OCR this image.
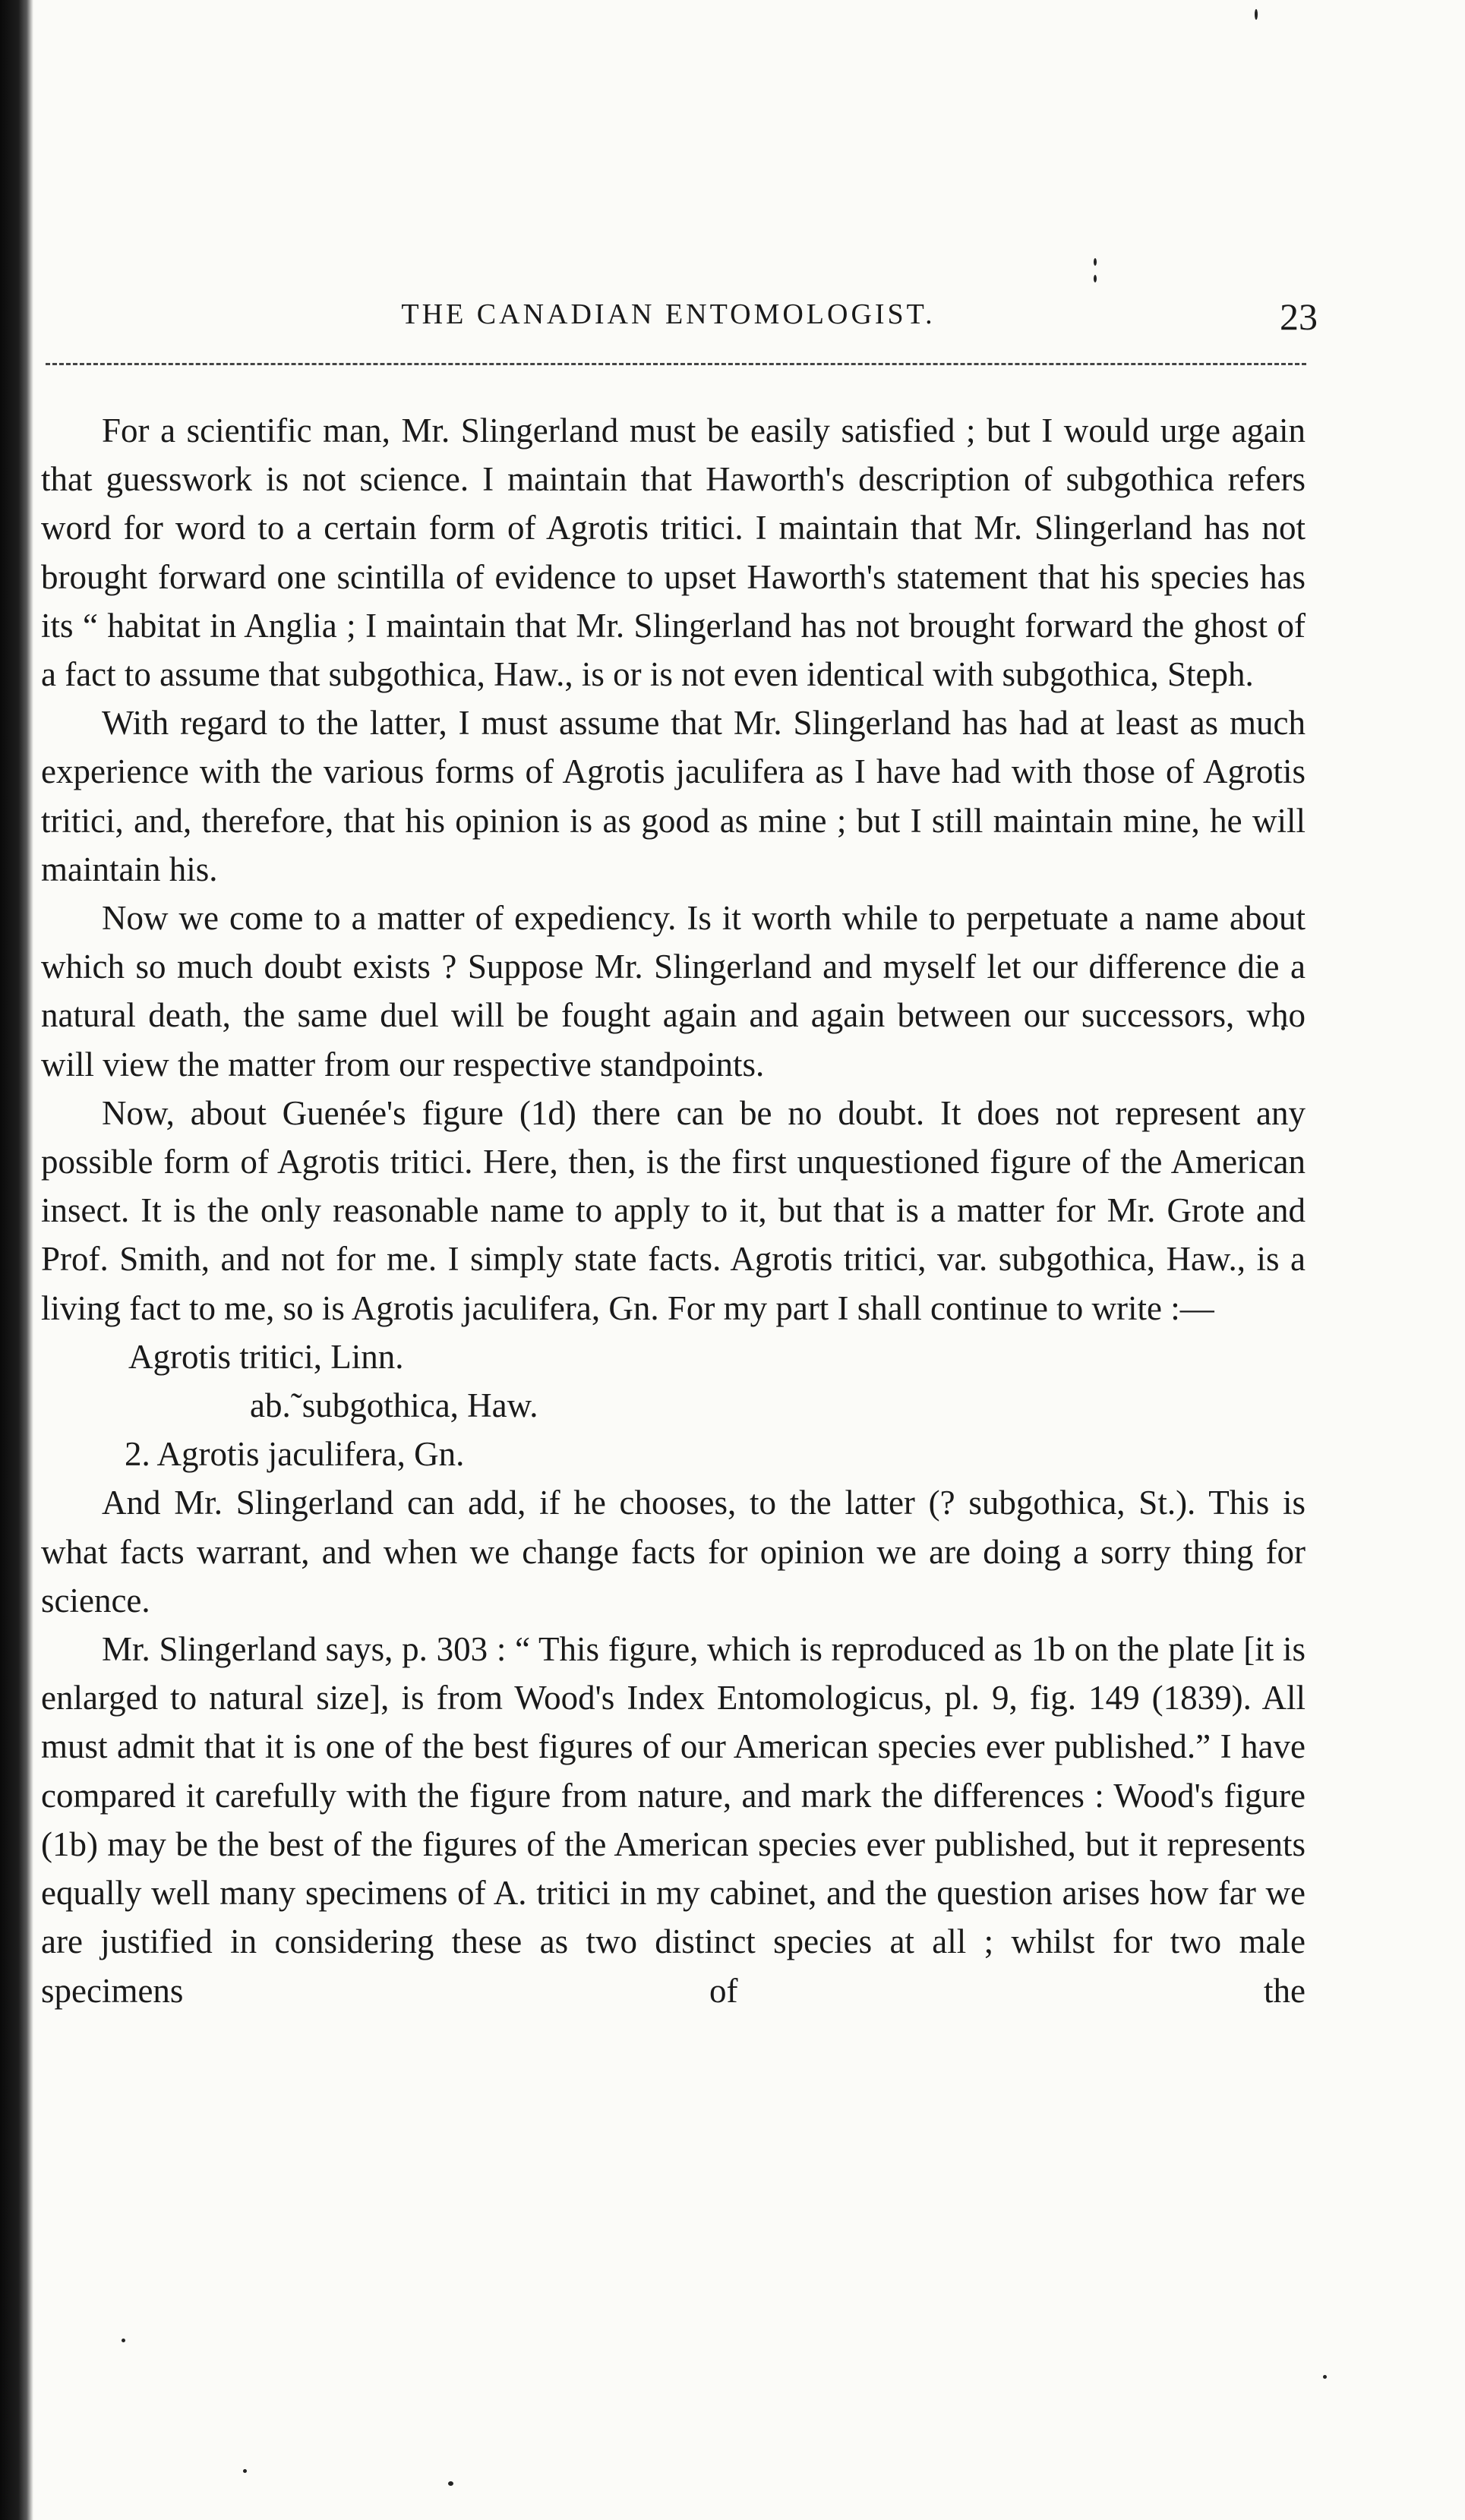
THE CANADIAN ENTOMOLOGIST.	23

For a scientific man, Mr. Slingerland must be easily satisfied ; but I would urge again that guesswork is not science. I maintain that Haworth's description of subgothica refers word for word to a certain form of Agrotis tritici. I maintain that Mr. Slingerland has not brought forward one scintilla of evidence to upset Haworth's statement that his species has its “ habitat in Anglia ; I maintain that Mr. Slingerland has not brought forward the ghost of a fact to assume that subgothica, Haw., is or is not even identical with subgothica, Steph.

With regard to the latter, I must assume that Mr. Slingerland has had at least as much experience with the various forms of Agrotis jaculifera as I have had with those of Agrotis tritici, and, therefore, that his opinion is as good as mine ; but I still maintain mine, he will maintain his.

Now we come to a matter of expediency. Is it worth while to perpetuate a name about which so much doubt exists ? Suppose Mr. Slingerland and myself let our difference die a natural death, the same duel will be fought again and again between our successors, who will view the matter from our respective standpoints.

Now, about Guenée's figure (1d) there can be no doubt. It does not represent any possible form of Agrotis tritici. Here, then, is the first unquestioned figure of the American insect. It is the only reasonable name to apply to it, but that is a matter for Mr. Grote and Prof. Smith, and not for me. I simply state facts. Agrotis tritici, var. subgothica, Haw., is a living fact to me, so is Agrotis jaculifera, Gn. For my part I shall continue to write :—

Agrotis tritici, Linn.

ab.˜subgothica, Haw.

2. Agrotis jaculifera, Gn.

And Mr. Slingerland can add, if he chooses, to the latter (? subgothica, St.). This is what facts warrant, and when we change facts for opinion we are doing a sorry thing for science.

Mr. Slingerland says, p. 303 : “ This figure, which is reproduced as 1b on the plate [it is enlarged to natural size], is from Wood's Index Entomologicus, pl. 9, fig. 149 (1839). All must admit that it is one of the best figures of our American species ever published.” I have compared it carefully with the figure from nature, and mark the differences : Wood's figure (1b) may be the best of the figures of the American species ever published, but it represents equally well many specimens of A. tritici in my cabinet, and the question arises how far we are justified in considering these as two distinct species at all ; whilst for two male specimens of the
